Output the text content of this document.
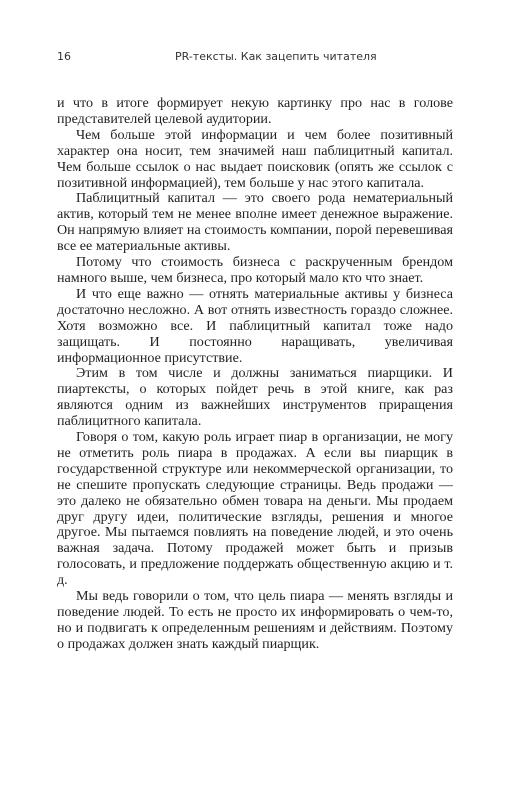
16	PR-тексты. Как зацепить читателя

и что в итоге формирует некую картинку про нас в голове представителей целевой аудитории.

Чем больше этой информации и чем более позитивный характер она носит, тем значимей наш паблицитный капитал. Чем больше ссылок о нас выдает поисковик (опять же ссылок с позитивной информацией), тем больше у нас этого капитала.

Паблицитный капитал — это своего рода нематериальный актив, который тем не менее вполне имеет денежное выражение. Он напрямую влияет на стоимость компании, порой перевешивая все ее материальные активы.

Потому что стоимость бизнеса с раскрученным брендом намного выше, чем бизнеса, про который мало кто что знает.

И что еще важно — отнять материальные активы у бизнеса достаточно несложно. А вот отнять известность гораздо сложнее. Хотя возможно все. И паблицитный капитал тоже надо защищать. И постоянно наращивать, увеличивая информационное присутствие.

Этим в том числе и должны заниматься пиарщики. И пиартексты, о которых пойдет речь в этой книге, как раз являются одним из важнейших инструментов приращения паблицитного капитала.

Говоря о том, какую роль играет пиар в организации, не могу не отметить роль пиара в продажах. А если вы пиарщик в государственной структуре или некоммерческой организации, то не спешите пропускать следующие страницы. Ведь продажи — это далеко не обязательно обмен товара на деньги. Мы продаем друг другу идеи, политические взгляды, решения и многое другое. Мы пытаемся повлиять на поведение людей, и это очень важная задача. Потому продажей может быть и призыв голосовать, и предложение поддержать общественную акцию и т. д.

Мы ведь говорили о том, что цель пиара — менять взгляды и поведение людей. То есть не просто их информировать о чем-то, но и подвигать к определенным решениям и действиям. Поэтому о продажах должен знать каждый пиарщик.
